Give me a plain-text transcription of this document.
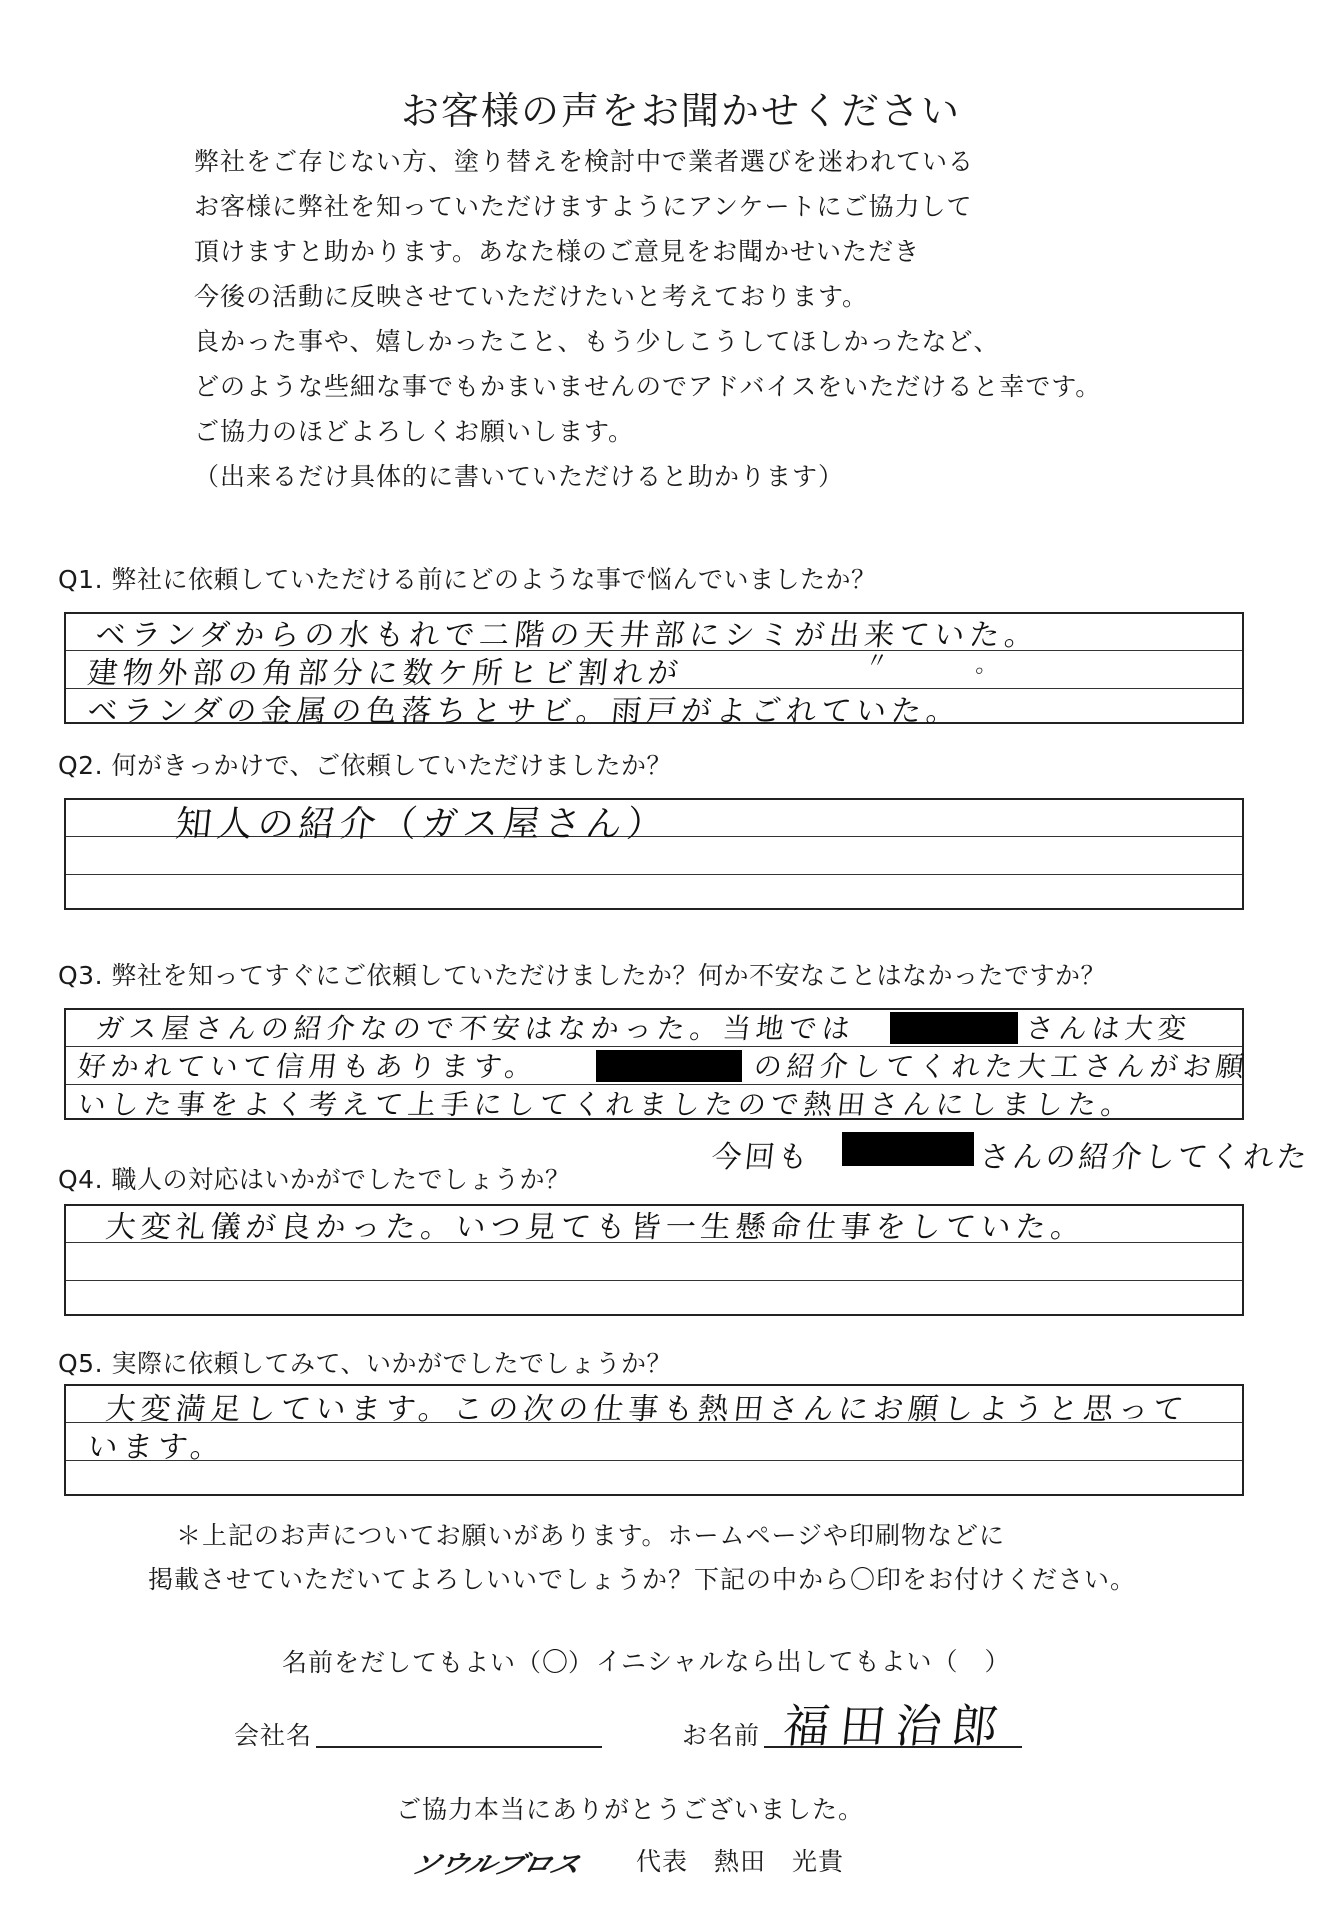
お客様の声をお聞かせください

弊社をご存じない方、塗り替えを検討中で業者選びを迷われている

お客様に弊社を知っていただけますようにアンケートにご協力して

頂けますと助かります。あなた様のご意見をお聞かせいただき

今後の活動に反映させていただけたいと考えております。

良かった事や、嬉しかったこと、もう少しこうしてほしかったなど、

どのような些細な事でもかまいませんのでアドバイスをいただけると幸です。

ご協力のほどよろしくお願いします。

（出来るだけ具体的に書いていただけると助かります）

Q1. 弊社に依頼していただける前にどのような事で悩んでいましたか？
ベランダからの水もれで二階の天井部にシミが出来ていた。
建物外部の角部分に数ケ所ヒビ割れが	〃	。
ベランダの金属の色落ちとサビ。雨戸がよごれていた。
Q2. 何がきっかけで、ご依頼していただけましたか？
知人の紹介（ガス屋さん）
Q3. 弊社を知ってすぐにご依頼していただけましたか？何か不安なことはなかったですか？
ガス屋さんの紹介なので不安はなかった。当地では	さんは大変
好かれていて信用もあります。	の紹介してくれた大工さんがお願
いした事をよく考えて上手にしてくれましたので熱田さんにしました。
Q4. 職人の対応はいかがでしたでしょうか？
今回も	さんの紹介してくれた
大変礼儀が良かった。いつ見ても皆一生懸命仕事をしていた。
Q5. 実際に依頼してみて、いかがでしたでしょうか？
大変満足しています。この次の仕事も熱田さんにお願しようと思って
います。
＊上記のお声についてお願いがあります。ホームページや印刷物などに
掲載させていただいてよろしいいでしょうか？下記の中から〇印をお付けください。
名前をだしてもよい（〇） イニシャルなら出してもよい（　）
会社名	お名前 福田治郎
ご協力本当にありがとうございました。
ソウルブロス 代表　熱田　光貴
